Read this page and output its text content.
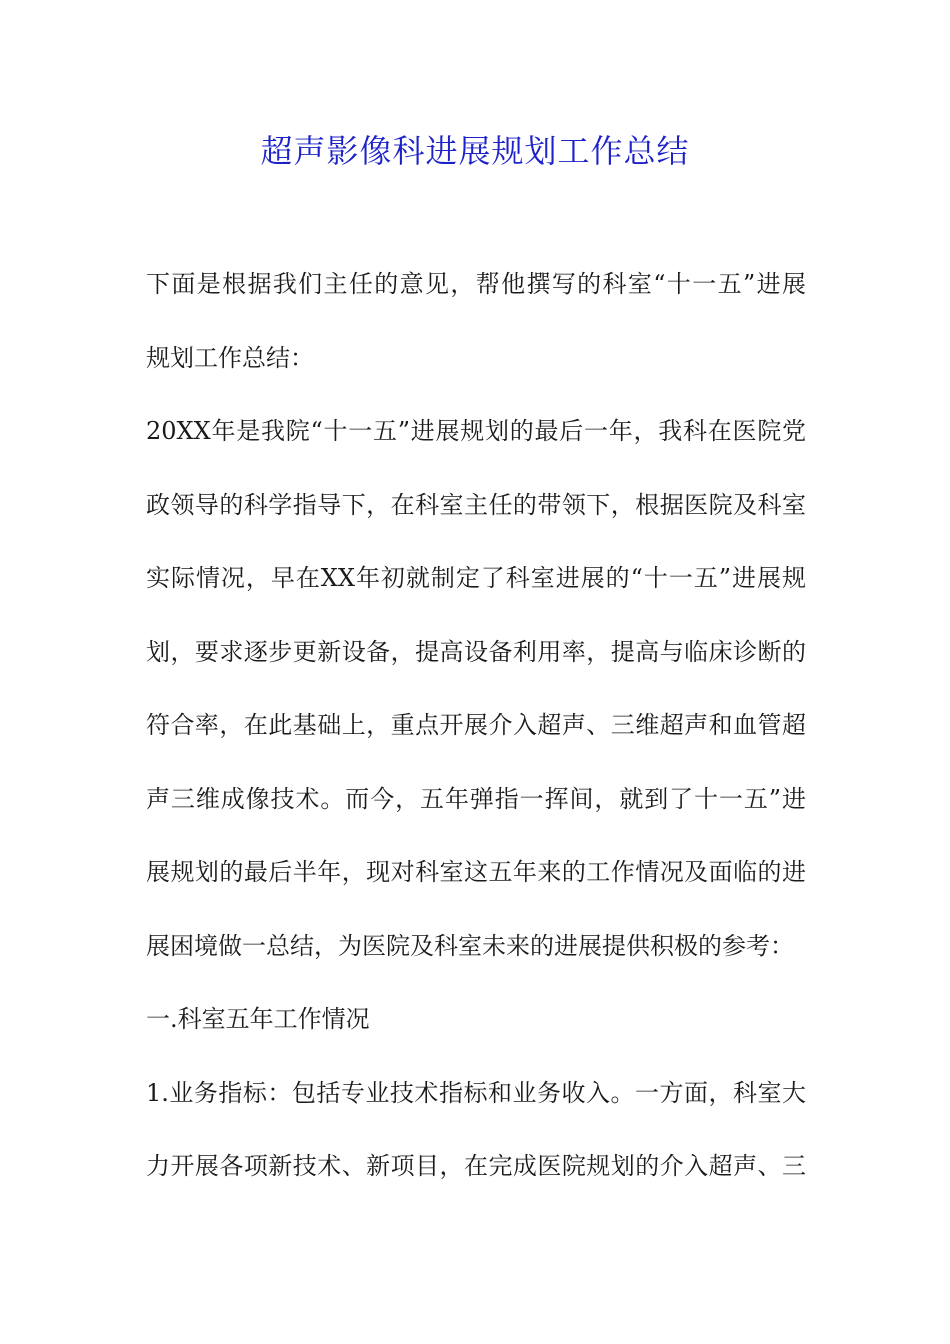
超声影像科进展规划工作总结
下面是根据我们主任的意见，帮他撰写的科室“十一五”进展
规划工作总结：
20XX年是我院“十一五”进展规划的最后一年，我科在医院党
政领导的科学指导下，在科室主任的带领下，根据医院及科室
实际情况，早在XX年初就制定了科室进展的“十一五”进展规
划，要求逐步更新设备，提高设备利用率，提高与临床诊断的
符合率，在此基础上，重点开展介入超声、三维超声和血管超
声三维成像技术。而今，五年弹指一挥间，就到了十一五”进
展规划的最后半年，现对科室这五年来的工作情况及面临的进
展困境做一总结，为医院及科室未来的进展提供积极的参考：
一.科室五年工作情况
1.业务指标：包括专业技术指标和业务收入。一方面，科室大
力开展各项新技术、新项目，在完成医院规划的介入超声、三
